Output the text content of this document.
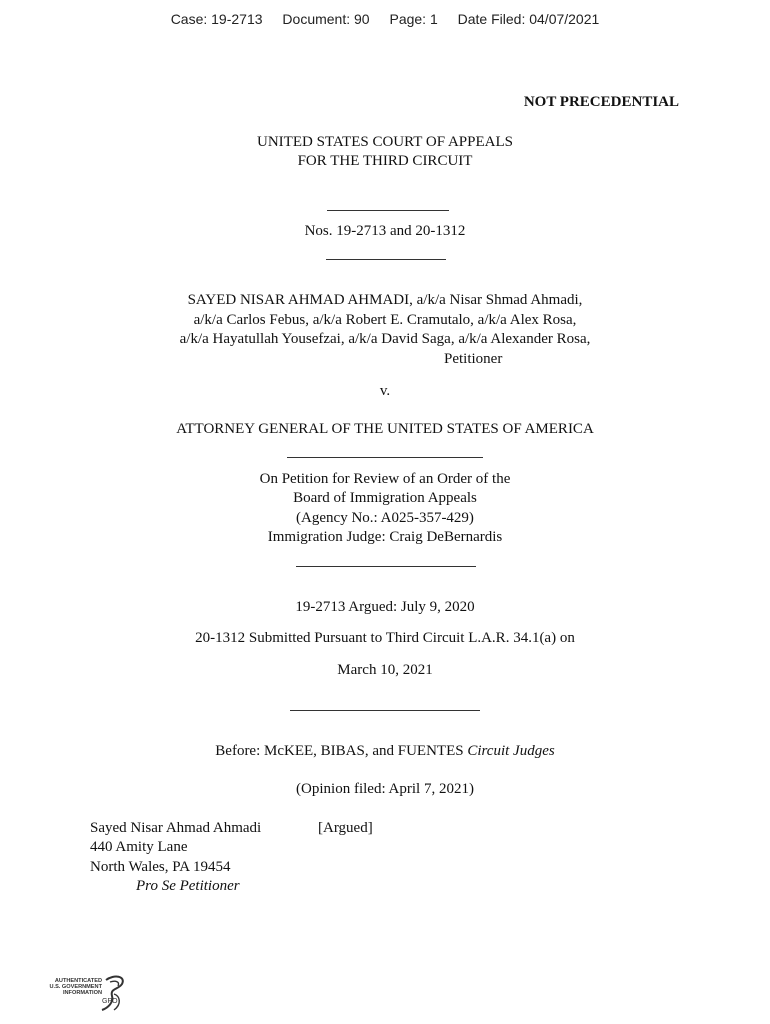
Case: 19-2713 Document: 90 Page: 1 Date Filed: 04/07/2021
NOT PRECEDENTIAL
UNITED STATES COURT OF APPEALS
FOR THE THIRD CIRCUIT
Nos. 19-2713 and 20-1312
SAYED NISAR AHMAD AHMADI, a/k/a Nisar Shmad Ahmadi,
a/k/a Carlos Febus, a/k/a Robert E. Cramutalo, a/k/a Alex Rosa,
a/k/a Hayatullah Yousefzai, a/k/a David Saga, a/k/a Alexander Rosa,
Petitioner
v.
ATTORNEY GENERAL OF THE UNITED STATES OF AMERICA
On Petition for Review of an Order of the
Board of Immigration Appeals
(Agency No.: A025-357-429)
Immigration Judge: Craig DeBernardis
19-2713 Argued: July 9, 2020
20-1312 Submitted Pursuant to Third Circuit L.A.R. 34.1(a) on
March 10, 2021
Before: McKEE, BIBAS, and FUENTES Circuit Judges
(Opinion filed: April 7, 2021)
Sayed Nisar Ahmad Ahmadi	[Argued]
440 Amity Lane
North Wales, PA 19454
Pro Se Petitioner
AUTHENTICATED
U.S. GOVERNMENT
INFORMATION
GPO
